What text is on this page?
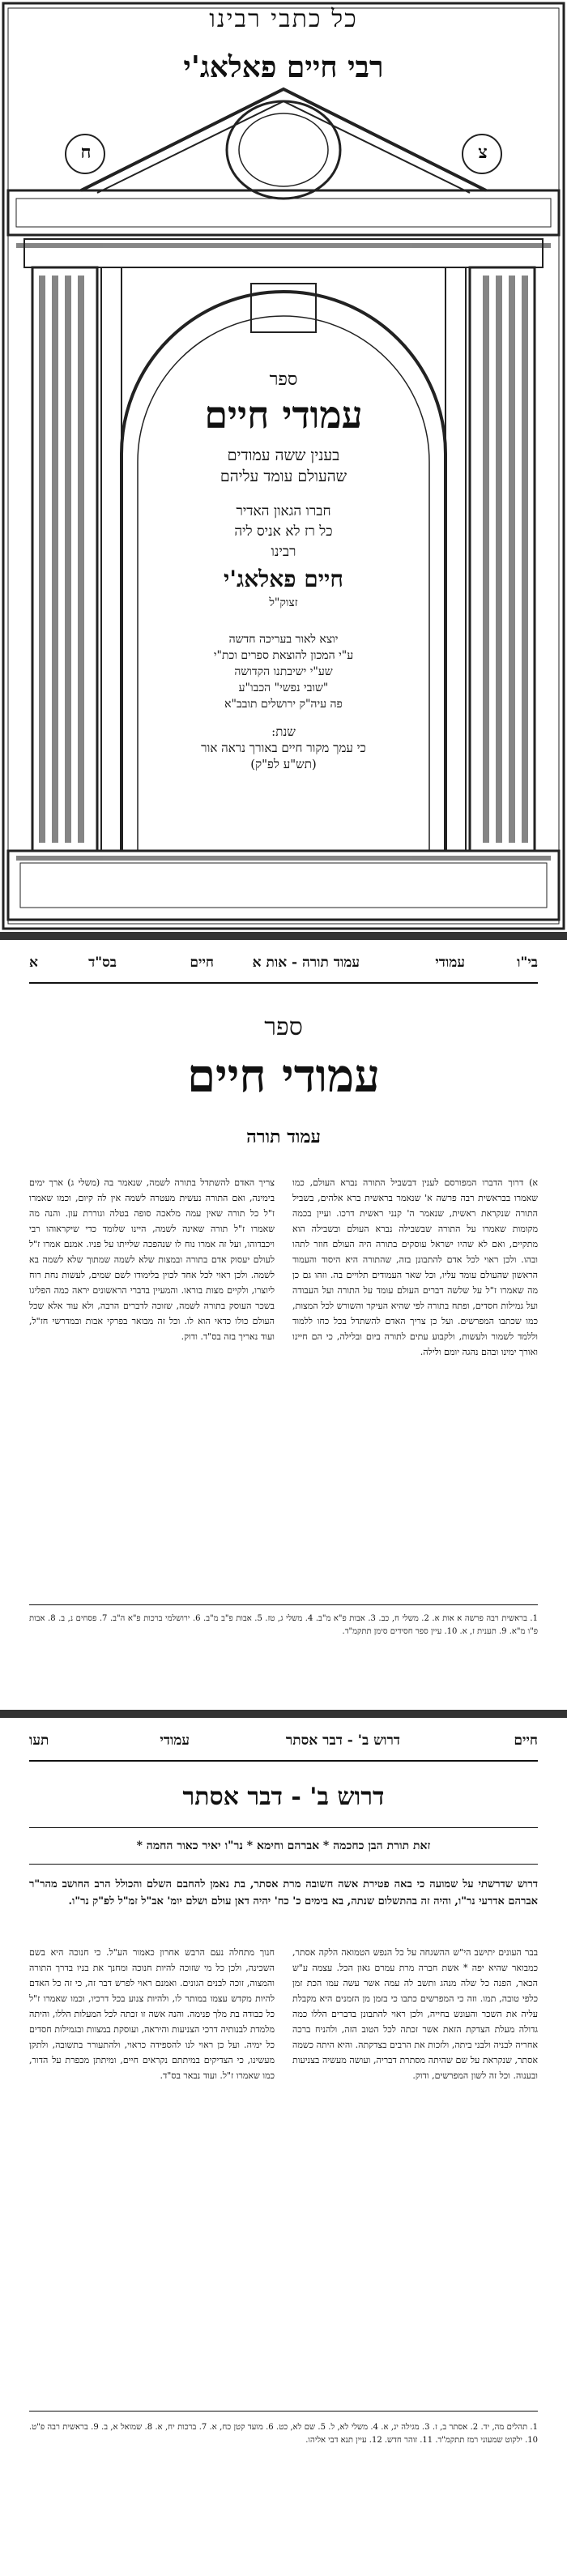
כל כתבי רבינו
רבי חיים פאלאג'י
ח	צ
ספר
עמודי חיים
בענין ששה עמודים
שהעולם עומד עליהם
חברו הגאון האדיר
כל רז לא אניס ליה
רבינו
חיים פאלאג'י
זצוק"ל
יוצא לאור בעריכה חדשה
ע"י המכון להוצאת ספרים וכת"י
שע"י ישיבתנו הקדושה
"שובי נפשי" הכבו"ע
פה עיה"ק ירושלים תובב"א
שנת:
כי עמך מקור חיים באורך נראה אור
(תש"ע לפ"ק)
בי"ו
עמודי
עמוד תורה - אות א
חיים
בס"ד
א
ספר
עמודי חיים
עמוד תורה
א) דרוך הדברו המפורסם לענין דבשביל התורה נברא העולם, כמו שאמרו בבראשית רבה פרשה א' שנאמר בראשית ברא אלהים, בשביל התורה שנקראת ראשית, שנאמר ה' קנני ראשית דרכו. ועיין בכמה מקומות שאמרו על התורה שבשבילה נברא העולם ובשבילה הוא מתקיים, ואם לא שהיו ישראל עוסקים בתורה היה העולם חוזר לתהו ובהו. ולכן ראוי לכל אדם להתבונן בזה, שהתורה היא היסוד והעמוד הראשון שהעולם עומד עליו, וכל שאר העמודים תלויים בה. וזהו גם כן מה שאמרו ז"ל על שלשה דברים העולם עומד על התורה ועל העבודה ועל גמילות חסדים, ופתח בתורה לפי שהיא העיקר והשורש לכל המצות, כמו שכתבו המפרשים. ועל כן צריך האדם להשתדל בכל כחו ללמוד וללמד לשמור ולעשות, ולקבוע עתים לתורה ביום ובלילה, כי הם חיינו ואורך ימינו ובהם נהגה יומם ולילה.
צריך האדם להשתדל בתורה לשמה, שנאמר בה (משלי ג) ארך ימים בימינה, ואם התורה נעשית מעטרה לשמה אין לה קיום, וכמו שאמרו ז"ל כל תורה שאין עמה מלאכה סופה בטלה וגוררת עון. והנה מה שאמרו ז"ל תורה שאינה לשמה, היינו שלומד כדי שיקראוהו רבי ויכבדוהו, ועל זה אמרו נוח לו שנהפכה שלייתו על פניו. אמנם אמרו ז"ל לעולם יעסוק אדם בתורה ובמצות שלא לשמה שמתוך שלא לשמה בא לשמה. ולכן ראוי לכל אחד לכוין בלימודו לשם שמים, לעשות נחת רוח ליוצרו, ולקיים מצות בוראו. והמעיין בדברי הראשונים יראה כמה הפליגו בשכר העוסק בתורה לשמה, שזוכה לדברים הרבה, ולא עוד אלא שכל העולם כולו כדאי הוא לו. וכל זה מבואר בפרקי אבות ובמדרשי חז"ל, ועוד נאריך בזה בס"ד. ודוק.
1. בראשית רבה פרשה א אות א. 2. משלי ח, כב. 3. אבות פ"א מ"ב. 4. משלי ג, טז. 5. אבות פ"ב מ"ב. 6. ירושלמי ברכות פ"א ה"ב. 7. פסחים נ, ב. 8. אבות פ"ו מ"א. 9. תענית ז, א. 10. עיין ספר חסידים סימן תתקמ"ד.
חיים
דרוש ב' - דבר אסתר
עמודי
תעו
דרוש ב' - דבר אסתר
זאת תורת הבן כחכמה * אברהם וחימא * נר"ו יאיר כאור החמה *
דרוש שדרשתי על שמועה כי באה פטירת אשה חשובה מרת אסתר, בת נאמן להחבם השלם והכולל הרב החושב מהר"ר אברהם אדרעי נר"ו, והיה זה בהתשלום שנתה, בא בימים כ' כח' יהיה דאן עולם ושלם יומ' אב"ל זמ"ל לפ"ק נר"ו.
בבר העונים יתישב הי"ש ההשגחה על כל הנפש הטמואה הלקה אסתר, כמבואר שהיא יפה * אשת חברה מרת עמרם גאון הכל. עצמה ע"ש הכאר, הפנה כל שלה מנהג ותשב לה עמה אשר עשה עמו הכת זמן כלפי טובה, תמו. וזה כי המפרשים כתבו כי בזמן מן הזמנים היא מקבלת עליה את השכר והעונש בחייה, ולכן ראוי להתבונן בדברים הללו כמה גדולה מעלת הצדקת הזאת אשר זכתה לכל הטוב הזה, ולהניח ברכה אחריה לבניה ולבני ביתה, ולזכות את הרבים בצדקתה. והיא היתה כשמה אסתר, שנקראת על שם שהיתה מסתרת דבריה, ועושה מעשיה בצניעות ובענוה. וכל זה לשון המפרשים, ודוק.
חנוך מתחלה נעם הרבש אחרון כאמור הע"ל. כי חנוכה היא בשם השכינה, ולכן כל מי שזוכה להיות חנוכה ומחנך את בניו בדרך התורה והמצוה, זוכה לבנים הגונים. ואמנם ראוי לפרש דבר זה, כי זה כל האדם להיות מקדש עצמו במותר לו, ולהיות צנוע בכל דרכיו, וכמו שאמרו ז"ל כל כבודה בת מלך פנימה. והנה אשה זו זכתה לכל המעלות הללו, והיתה מלמדת לבנותיה דרכי הצניעות והיראה, ועוסקת במצוות ובגמילות חסדים כל ימיה. ועל כן ראוי לנו להספידה כראוי, ולהתעורר בתשובה, ולתקן מעשינו, כי הצדיקים במיתתם נקראים חיים, ומיתתן מכפרת על הדור, כמו שאמרו ז"ל. ועוד נבאר בס"ד.
1. תהלים מה, יד. 2. אסתר ב, ז. 3. מגילה יג, א. 4. משלי לא, ל. 5. שם לא, כט. 6. מועד קטן כח, א. 7. ברכות יח, א. 8. שמואל א, ב. 9. בראשית רבה פ"ט. 10. ילקוט שמעוני רמז תתקמ"ד. 11. זוהר חדש. 12. עיין תנא דבי אליהו.
